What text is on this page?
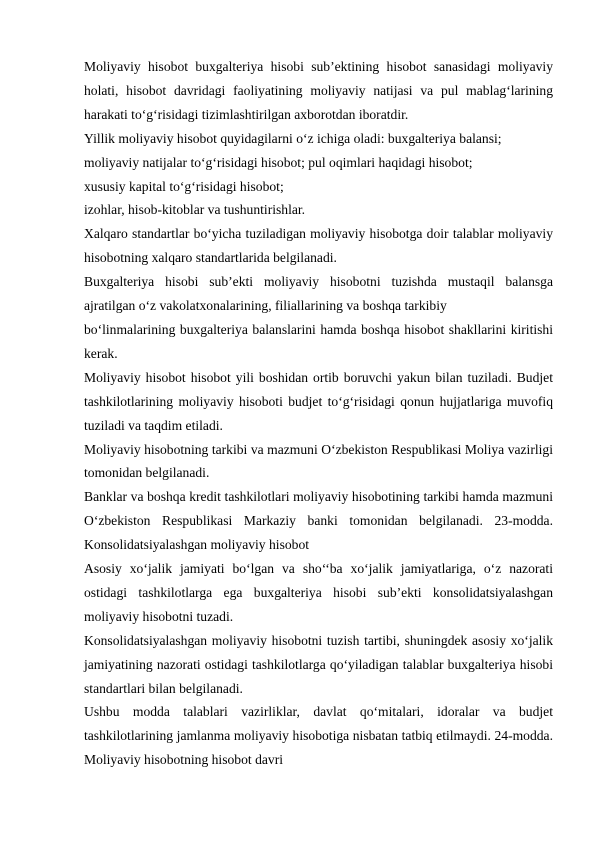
Moliyaviy hisobot buxgalteriya hisobi sub’ektining hisobot sanasidagi moliyaviy holati, hisobot davridagi faoliyatining moliyaviy natijasi va pul mablag‘larining harakati to‘g‘risidagi tizimlashtirilgan axborotdan iboratdir.

Yillik moliyaviy hisobot quyidagilarni o‘z ichiga oladi: buxgalteriya balansi;

moliyaviy natijalar to‘g‘risidagi hisobot; pul oqimlari haqidagi hisobot;

xususiy kapital to‘g‘risidagi hisobot;

izohlar, hisob-kitoblar va tushuntirishlar.

Xalqaro standartlar bo‘yicha tuziladigan moliyaviy hisobotga doir talablar moliyaviy hisobotning xalqaro standartlarida belgilanadi.

Buxgalteriya hisobi sub’ekti moliyaviy hisobotni tuzishda mustaqil balansga ajratilgan o‘z vakolatxonalarining, filiallarining va boshqa tarkibiy

bo‘linmalarining buxgalteriya balanslarini hamda boshqa hisobot shakllarini kiritishi kerak.

Moliyaviy hisobot hisobot yili boshidan ortib boruvchi yakun bilan tuziladi. Budjet tashkilotlarining moliyaviy hisoboti budjet to‘g‘risidagi qonun hujjatlariga muvofiq tuziladi va taqdim etiladi.

Moliyaviy hisobotning tarkibi va mazmuni O‘zbekiston Respublikasi Moliya vazirligi tomonidan belgilanadi.

Banklar va boshqa kredit tashkilotlari moliyaviy hisobotining tarkibi hamda mazmuni O‘zbekiston Respublikasi Markaziy banki tomonidan belgilanadi. 23-modda. Konsolidatsiyalashgan moliyaviy hisobot

Asosiy xo‘jalik jamiyati bo‘lgan va sho‘‘ba xo‘jalik jamiyatlariga, o‘z nazorati ostidagi tashkilotlarga ega buxgalteriya hisobi sub’ekti konsolidatsiyalashgan moliyaviy hisobotni tuzadi.

Konsolidatsiyalashgan moliyaviy hisobotni tuzish tartibi, shuningdek asosiy xo‘jalik jamiyatining nazorati ostidagi tashkilotlarga qo‘yiladigan talablar buxgalteriya hisobi standartlari bilan belgilanadi.

Ushbu modda talablari vazirliklar, davlat qo‘mitalari, idoralar va budjet tashkilotlarining jamlanma moliyaviy hisobotiga nisbatan tatbiq etilmaydi. 24-modda. Moliyaviy hisobotning hisobot davri
